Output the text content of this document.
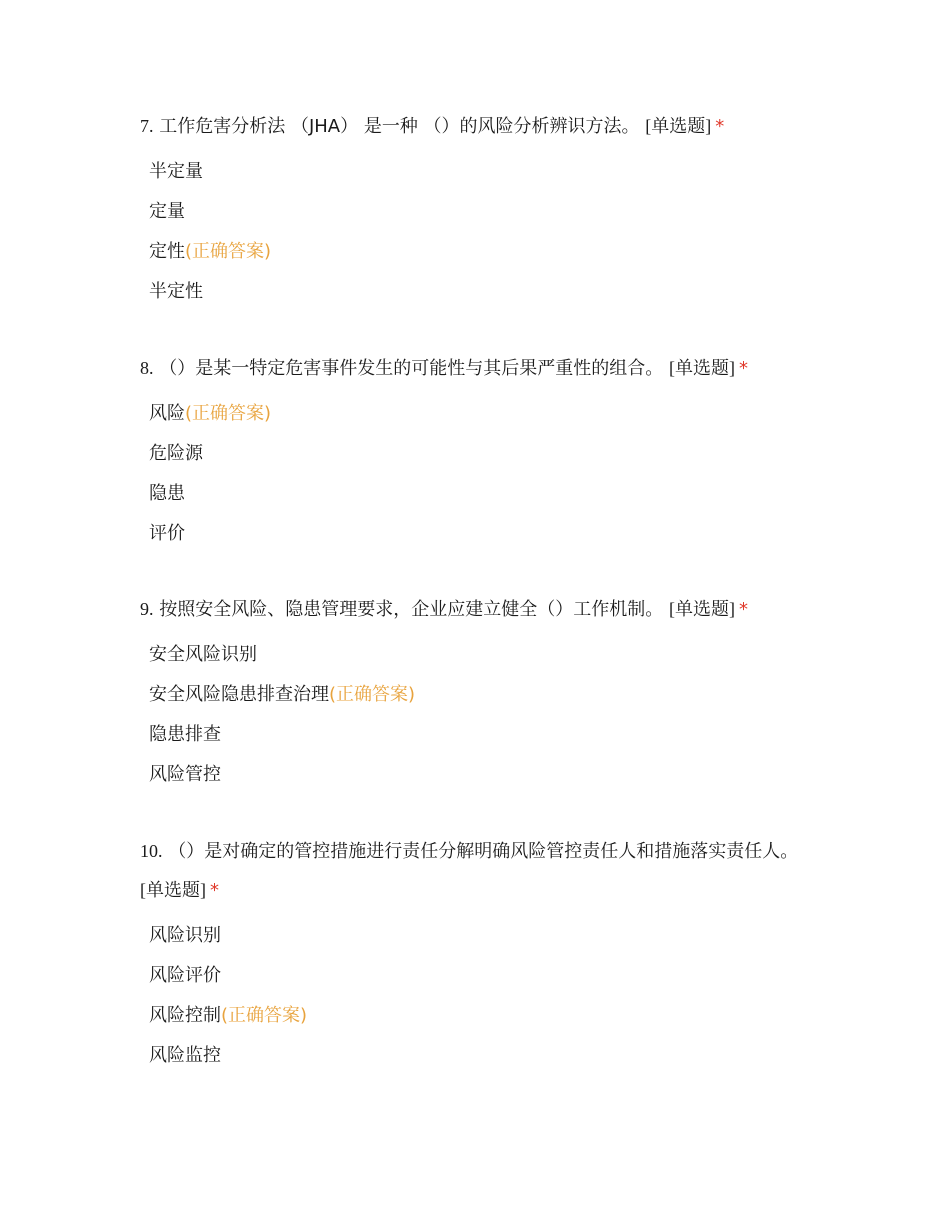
7. 工作危害分析法 （JHA） 是一种 （）的风险分析辨识方法。 [单选题] *
半定量
定量
定性(正确答案)
半定性
8. （）是某一特定危害事件发生的可能性与其后果严重性的组合。 [单选题] *
风险(正确答案)
危险源
隐患
评价
9. 按照安全风险、隐患管理要求，企业应建立健全（）工作机制。 [单选题] *
安全风险识别
安全风险隐患排查治理(正确答案)
隐患排查
风险管控
10. （）是对确定的管控措施进行责任分解明确风险管控责任人和措施落实责任人。 [单选题] *
风险识别
风险评价
风险控制(正确答案)
风险监控
